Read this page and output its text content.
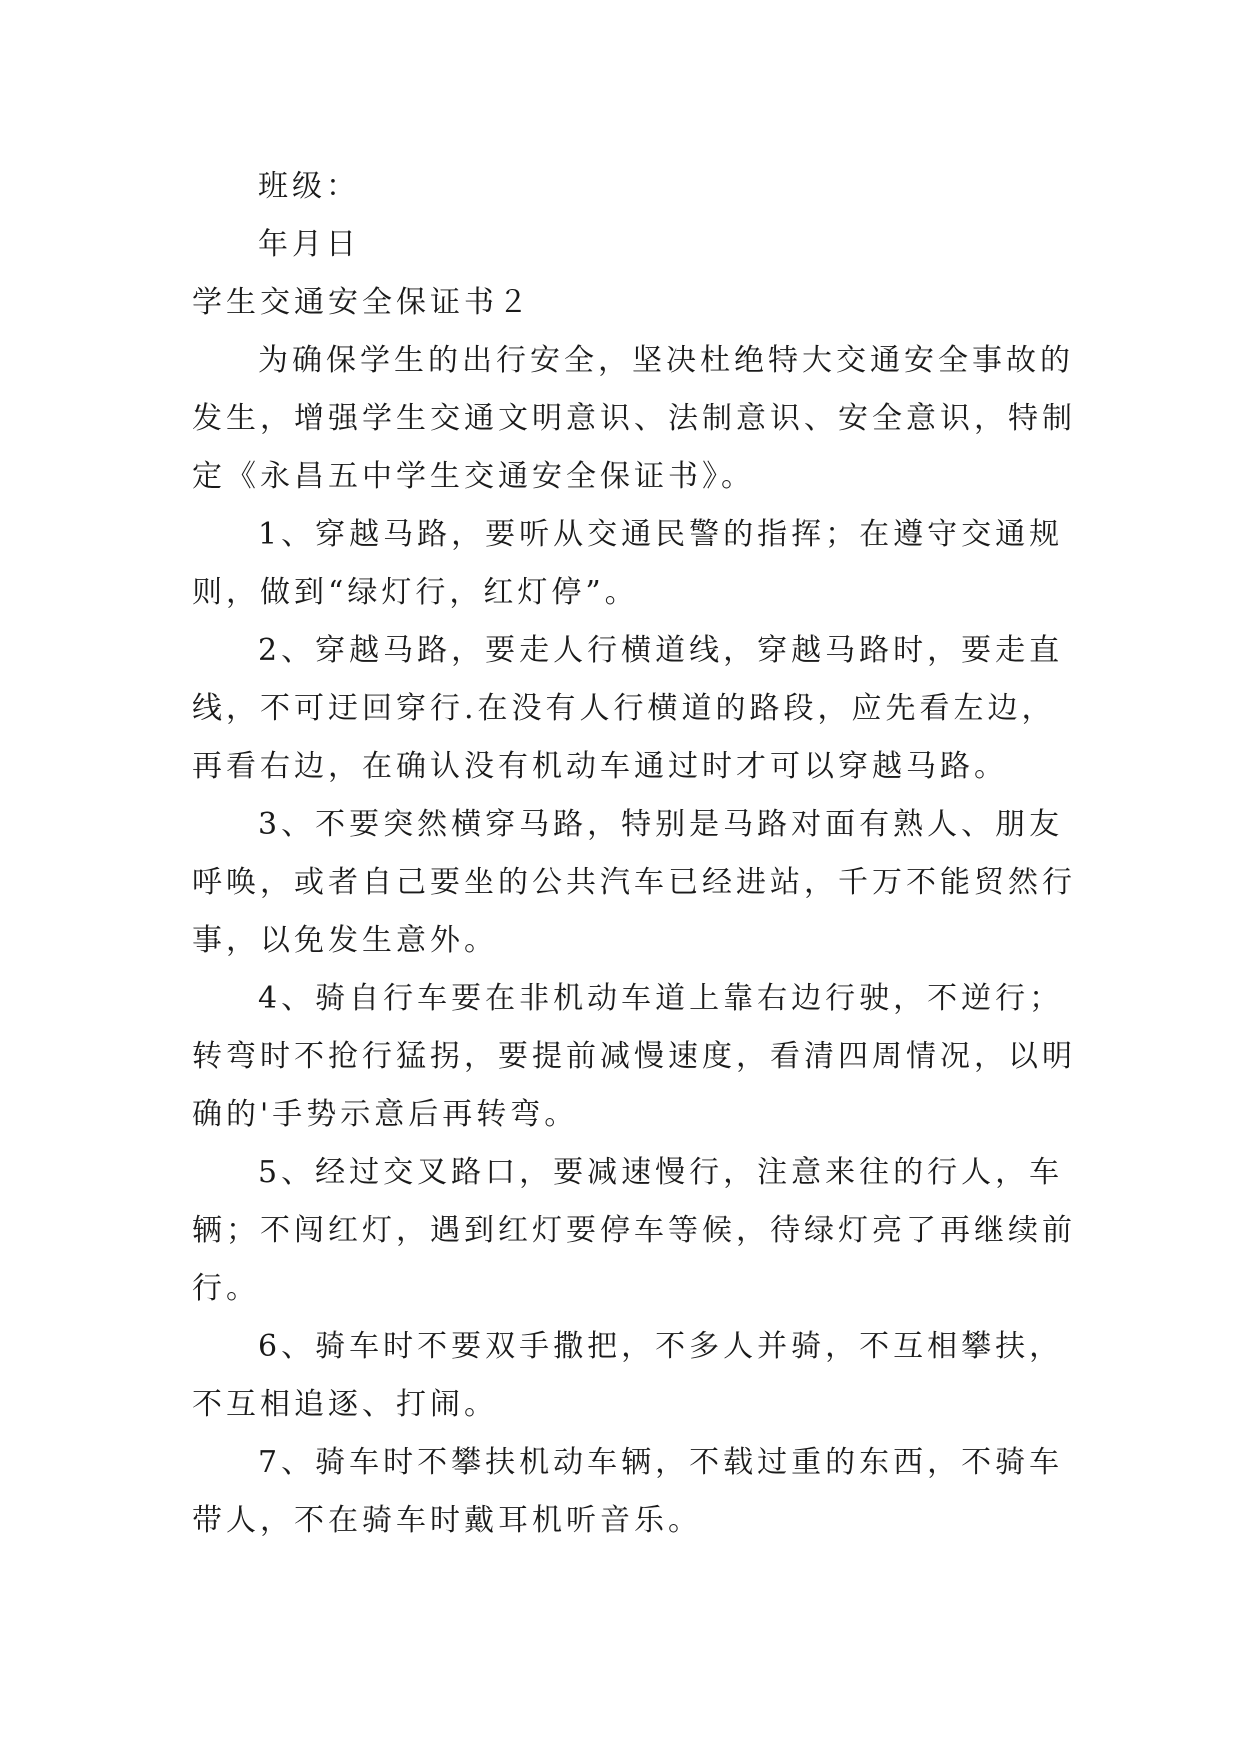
班级：

年月日

学生交通安全保证书２

为确保学生的出行安全，坚决杜绝特大交通安全事故的

发生，增强学生交通文明意识、法制意识、安全意识，特制

定《永昌五中学生交通安全保证书》。

1、穿越马路，要听从交通民警的指挥；在遵守交通规

则，做到“绿灯行，红灯停”。

2、穿越马路，要走人行横道线，穿越马路时，要走直

线，不可迂回穿行.在没有人行横道的路段，应先看左边，

再看右边，在确认没有机动车通过时才可以穿越马路。

3、不要突然横穿马路，特别是马路对面有熟人、朋友

呼唤，或者自己要坐的公共汽车已经进站，千万不能贸然行

事，以免发生意外。

4、骑自行车要在非机动车道上靠右边行驶，不逆行；

转弯时不抢行猛拐，要提前减慢速度，看清四周情况，以明

确的'手势示意后再转弯。

5、经过交叉路口，要减速慢行，注意来往的行人，车

辆；不闯红灯，遇到红灯要停车等候，待绿灯亮了再继续前

行。

6、骑车时不要双手撒把，不多人并骑，不互相攀扶，

不互相追逐、打闹。

7、骑车时不攀扶机动车辆，不载过重的东西，不骑车

带人，不在骑车时戴耳机听音乐。
